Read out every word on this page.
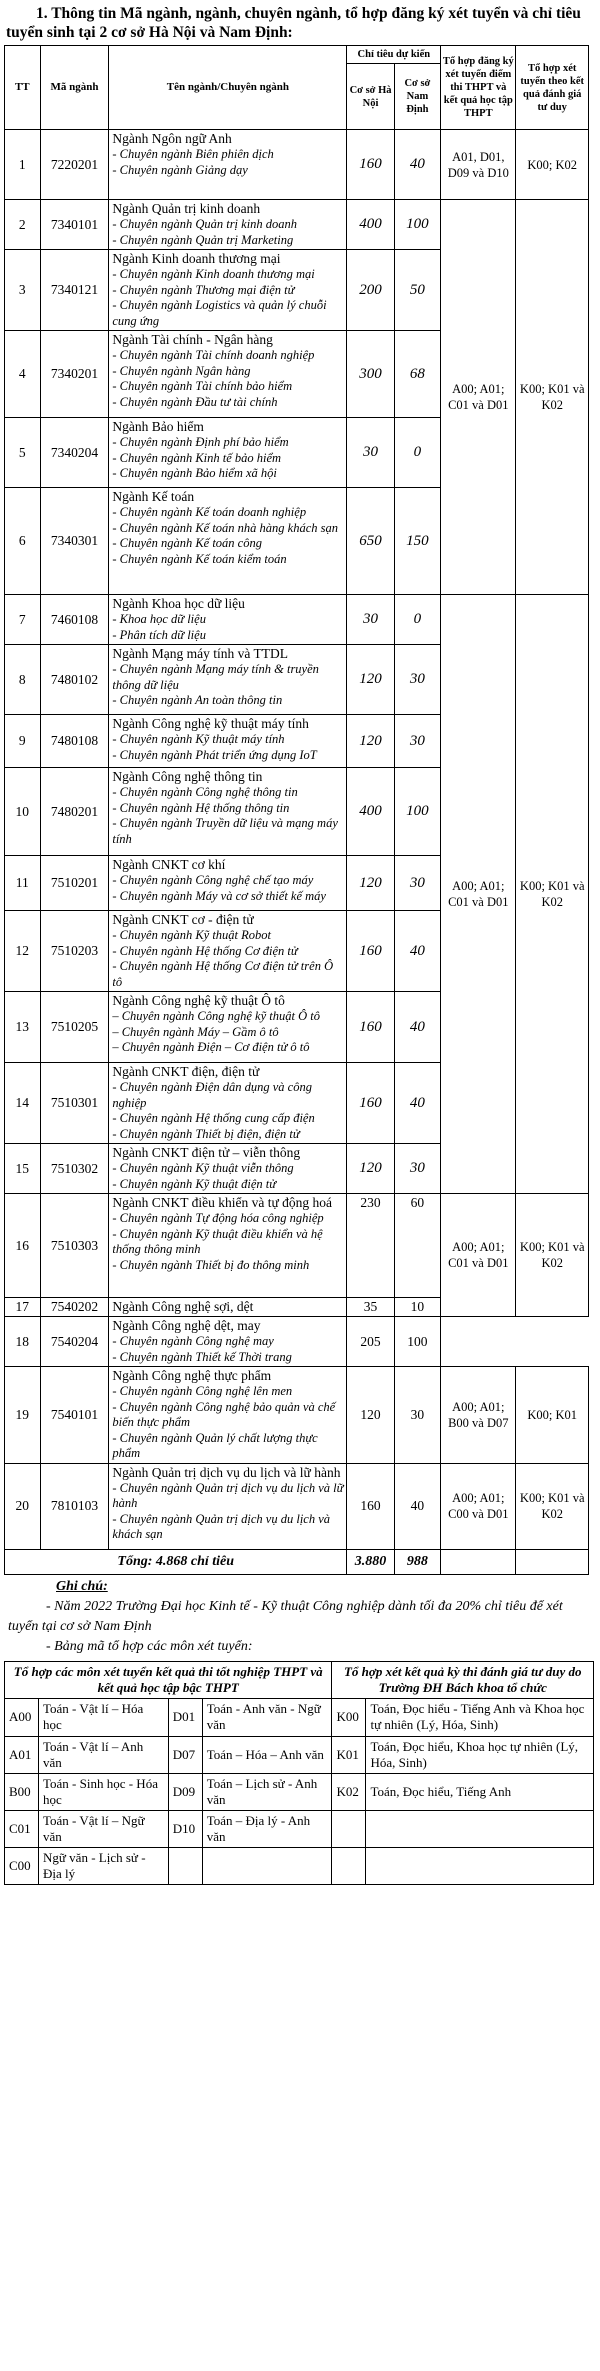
1. Thông tin Mã ngành, ngành, chuyên ngành, tổ hợp đăng ký xét tuyển và chỉ tiêu tuyển sinh tại 2 cơ sở Hà Nội và Nam Định:

TT	Mã ngành	Tên ngành/Chuyên ngành	Chỉ tiêu dự kiến		Tổ hợp đăng ký xét tuyển điểm thi THPT và kết quả học tập THPT	Tổ hợp xét tuyển theo kết quả đánh giá tư duy
			Cơ sở Hà Nội	Cơ sở Nam Định		
1	7220201	Ngành Ngôn ngữ Anh
- Chuyên ngành Biên phiên dịch
- Chuyên ngành Giảng dạy	160	40	A01, D01, D09 và D10	K00; K02
2	7340101	Ngành Quản trị kinh doanh
- Chuyên ngành Quản trị kinh doanh
- Chuyên ngành Quản trị Marketing	400	100	A00; A01; C01 và D01	K00; K01 và K02
3	7340121	Ngành Kinh doanh thương mại
- Chuyên ngành Kinh doanh thương mại
- Chuyên ngành Thương mại điện tử
- Chuyên ngành Logistics và quản lý chuỗi cung ứng	200	50		
4	7340201	Ngành Tài chính - Ngân hàng
- Chuyên ngành Tài chính doanh nghiệp
- Chuyên ngành Ngân hàng
- Chuyên ngành Tài chính bảo hiểm
- Chuyên ngành Đầu tư tài chính	300	68		
5	7340204	Ngành Bảo hiểm
- Chuyên ngành Định phí bảo hiểm
- Chuyên ngành Kinh tế bảo hiểm
- Chuyên ngành Bảo hiểm xã hội	30	0		
6	7340301	Ngành Kế toán
- Chuyên ngành Kế toán doanh nghiệp
- Chuyên ngành Kế toán nhà hàng khách sạn
- Chuyên ngành Kế toán công
- Chuyên ngành Kế toán kiểm toán	650	150		
7	7460108	Ngành Khoa học dữ liệu
- Khoa học dữ liệu
- Phân tích dữ liệu	30	0	A00; A01; C01 và D01	K00; K01 và K02
8	7480102	Ngành Mạng máy tính và TTDL
- Chuyên ngành Mạng máy tính & truyền thông dữ liệu
- Chuyên ngành An toàn thông tin	120	30		
9	7480108	Ngành Công nghệ kỹ thuật máy tính
- Chuyên ngành Kỹ thuật máy tính
- Chuyên ngành Phát triển ứng dụng IoT	120	30		
10	7480201	Ngành Công nghệ thông tin
- Chuyên ngành Công nghệ thông tin
- Chuyên ngành Hệ thống thông tin
- Chuyên ngành Truyền dữ liệu và mạng máy tính	400	100		
11	7510201	Ngành CNKT cơ khí
- Chuyên ngành Công nghệ chế tạo máy
- Chuyên ngành Máy và cơ sở thiết kế máy	120	30		
12	7510203	Ngành CNKT cơ - điện tử
- Chuyên ngành Kỹ thuật Robot
- Chuyên ngành Hệ thống Cơ điện tử
- Chuyên ngành Hệ thống Cơ điện tử trên Ô tô	160	40		
13	7510205	Ngành Công nghệ kỹ thuật Ô tô
– Chuyên ngành Công nghệ kỹ thuật Ô tô
– Chuyên ngành Máy – Gầm ô tô
– Chuyên ngành Điện – Cơ điện tử ô tô	160	40		
14	7510301	Ngành CNKT điện, điện tử
- Chuyên ngành Điện dân dụng và công nghiệp
- Chuyên ngành Hệ thống cung cấp điện
- Chuyên ngành Thiết bị điện, điện tử	160	40		
15	7510302	Ngành CNKT điện tử – viễn thông
- Chuyên ngành Kỹ thuật viễn thông
- Chuyên ngành Kỹ thuật điện tử	120	30		
16	7510303	Ngành CNKT điều khiển và tự động hoá
- Chuyên ngành Tự động hóa công nghiệp
- Chuyên ngành Kỹ thuật điều khiển và hệ thống thông minh
- Chuyên ngành Thiết bị đo thông minh	230	60	A00; A01; C01 và D01	K00; K01 và K02
17	7540202	Ngành Công nghệ sợi, dệt	35	10		
18	7540204	Ngành Công nghệ dệt, may
- Chuyên ngành Công nghệ may
- Chuyên ngành Thiết kế Thời trang	205	100		
19	7540101	Ngành Công nghệ thực phẩm
- Chuyên ngành Công nghệ lên men
- Chuyên ngành Công nghệ bảo quản và chế biến thực phẩm
- Chuyên ngành Quản lý chất lượng thực phẩm	120	30	A00; A01; B00 và D07	K00; K01
20	7810103	Ngành Quản trị dịch vụ du lịch và lữ hành
- Chuyên ngành Quản trị dịch vụ du lịch và lữ hành
- Chuyên ngành Quản trị dịch vụ du lịch và khách sạn	160	40	A00; A01; C00 và D01	K00; K01 và K02
Tổng: 4.868 chỉ tiêu			3.880	988		
Ghi chú:

- Năm 2022 Trường Đại học Kinh tế - Kỹ thuật Công nghiệp dành tối đa 20% chỉ tiêu để xét tuyển tại cơ sở Nam Định

- Bảng mã tổ hợp các môn xét tuyển:

Tổ hợp các môn xét tuyển kết quả thi tốt nghiệp THPT và kết quả học tập bậc THPT				Tổ hợp xét kết quả kỳ thi đánh giá tư duy do Trường ĐH Bách khoa tổ chức	
A00	Toán - Vật lí – Hóa học	D01	Toán - Anh văn - Ngữ văn	K00	Toán, Đọc hiểu - Tiếng Anh và Khoa học tự nhiên (Lý, Hóa, Sinh)
A01	Toán - Vật lí – Anh văn	D07	Toán – Hóa – Anh văn	K01	Toán, Đọc hiểu, Khoa học tự nhiên (Lý, Hóa, Sinh)
B00	Toán - Sinh học - Hóa học	D09	Toán – Lịch sử - Anh văn	K02	Toán, Đọc hiểu, Tiếng Anh
C01	Toán - Vật lí – Ngữ văn	D10	Toán – Địa lý - Anh văn		
C00	Ngữ văn - Lịch sử - Địa lý				
